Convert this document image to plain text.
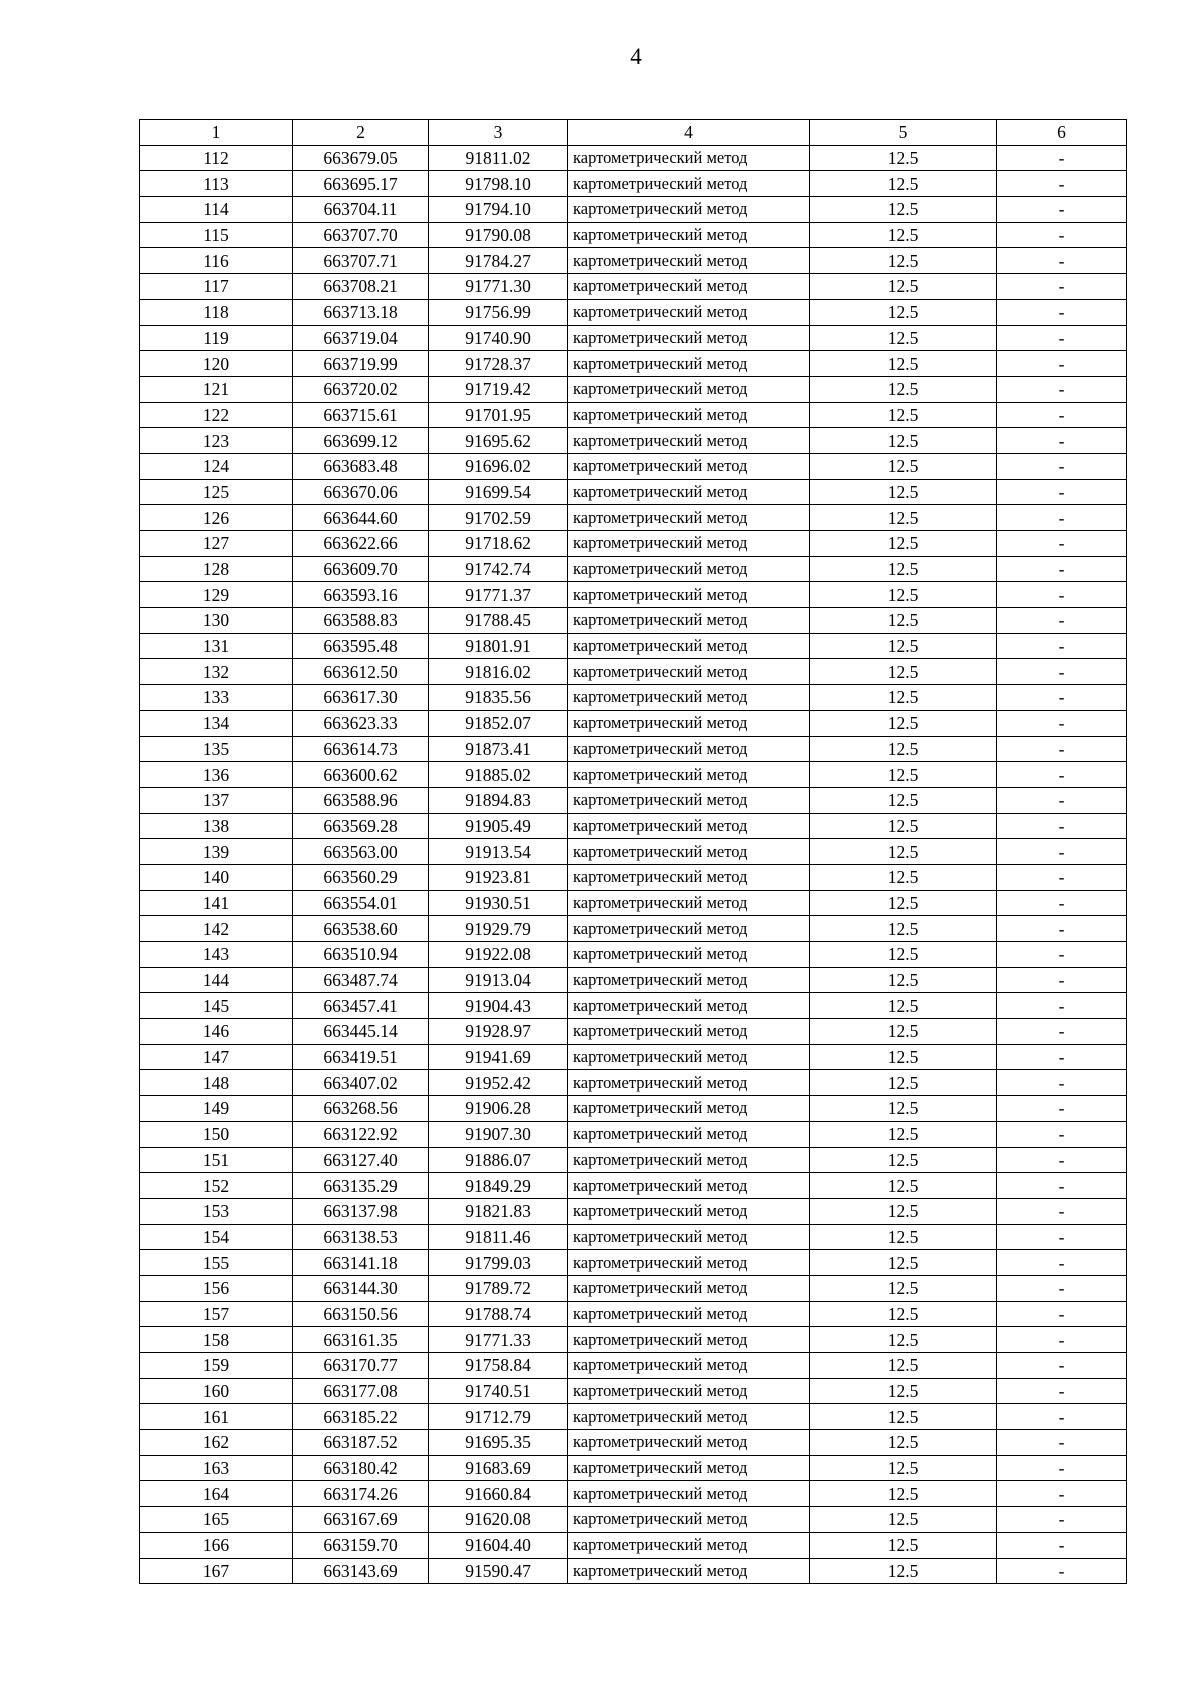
4
1	2	3	4	5	6
112	663679.05	91811.02	картометрический метод	12.5	-
113	663695.17	91798.10	картометрический метод	12.5	-
114	663704.11	91794.10	картометрический метод	12.5	-
115	663707.70	91790.08	картометрический метод	12.5	-
116	663707.71	91784.27	картометрический метод	12.5	-
117	663708.21	91771.30	картометрический метод	12.5	-
118	663713.18	91756.99	картометрический метод	12.5	-
119	663719.04	91740.90	картометрический метод	12.5	-
120	663719.99	91728.37	картометрический метод	12.5	-
121	663720.02	91719.42	картометрический метод	12.5	-
122	663715.61	91701.95	картометрический метод	12.5	-
123	663699.12	91695.62	картометрический метод	12.5	-
124	663683.48	91696.02	картометрический метод	12.5	-
125	663670.06	91699.54	картометрический метод	12.5	-
126	663644.60	91702.59	картометрический метод	12.5	-
127	663622.66	91718.62	картометрический метод	12.5	-
128	663609.70	91742.74	картометрический метод	12.5	-
129	663593.16	91771.37	картометрический метод	12.5	-
130	663588.83	91788.45	картометрический метод	12.5	-
131	663595.48	91801.91	картометрический метод	12.5	-
132	663612.50	91816.02	картометрический метод	12.5	-
133	663617.30	91835.56	картометрический метод	12.5	-
134	663623.33	91852.07	картометрический метод	12.5	-
135	663614.73	91873.41	картометрический метод	12.5	-
136	663600.62	91885.02	картометрический метод	12.5	-
137	663588.96	91894.83	картометрический метод	12.5	-
138	663569.28	91905.49	картометрический метод	12.5	-
139	663563.00	91913.54	картометрический метод	12.5	-
140	663560.29	91923.81	картометрический метод	12.5	-
141	663554.01	91930.51	картометрический метод	12.5	-
142	663538.60	91929.79	картометрический метод	12.5	-
143	663510.94	91922.08	картометрический метод	12.5	-
144	663487.74	91913.04	картометрический метод	12.5	-
145	663457.41	91904.43	картометрический метод	12.5	-
146	663445.14	91928.97	картометрический метод	12.5	-
147	663419.51	91941.69	картометрический метод	12.5	-
148	663407.02	91952.42	картометрический метод	12.5	-
149	663268.56	91906.28	картометрический метод	12.5	-
150	663122.92	91907.30	картометрический метод	12.5	-
151	663127.40	91886.07	картометрический метод	12.5	-
152	663135.29	91849.29	картометрический метод	12.5	-
153	663137.98	91821.83	картометрический метод	12.5	-
154	663138.53	91811.46	картометрический метод	12.5	-
155	663141.18	91799.03	картометрический метод	12.5	-
156	663144.30	91789.72	картометрический метод	12.5	-
157	663150.56	91788.74	картометрический метод	12.5	-
158	663161.35	91771.33	картометрический метод	12.5	-
159	663170.77	91758.84	картометрический метод	12.5	-
160	663177.08	91740.51	картометрический метод	12.5	-
161	663185.22	91712.79	картометрический метод	12.5	-
162	663187.52	91695.35	картометрический метод	12.5	-
163	663180.42	91683.69	картометрический метод	12.5	-
164	663174.26	91660.84	картометрический метод	12.5	-
165	663167.69	91620.08	картометрический метод	12.5	-
166	663159.70	91604.40	картометрический метод	12.5	-
167	663143.69	91590.47	картометрический метод	12.5	-
